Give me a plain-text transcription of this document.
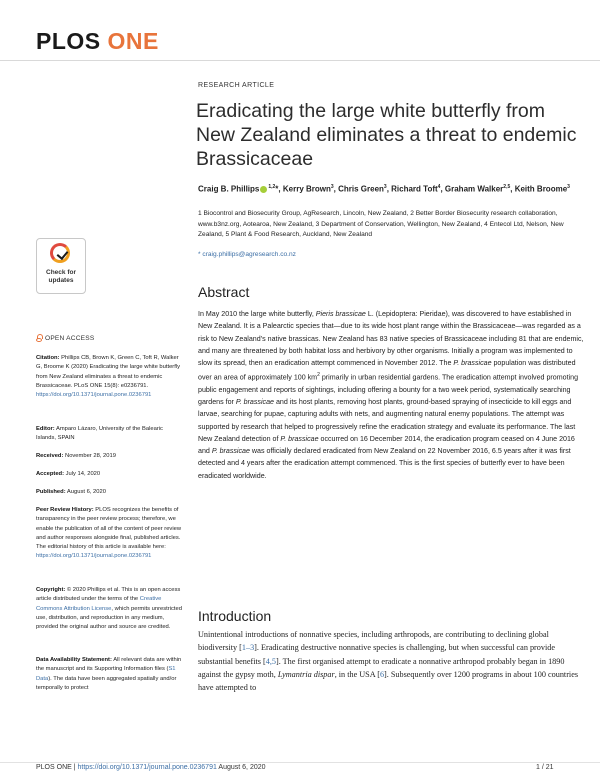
PLOS ONE
Check for updates
OPEN ACCESS
Citation: Phillips CB, Brown K, Green C, Toft R, Walker G, Broome K (2020) Eradicating the large white butterfly from New Zealand eliminates a threat to endemic Brassicaceae. PLoS ONE 15(8): e0236791. https://doi.org/10.1371/journal.pone.0236791
Editor: Amparo Lázaro, University of the Balearic Islands, SPAIN
Received: November 28, 2019
Accepted: July 14, 2020
Published: August 6, 2020
Peer Review History: PLOS recognizes the benefits of transparency in the peer review process; therefore, we enable the publication of all of the content of peer review and author responses alongside final, published articles. The editorial history of this article is available here: https://doi.org/10.1371/journal.pone.0236791
Copyright: © 2020 Phillips et al. This is an open access article distributed under the terms of the Creative Commons Attribution License, which permits unrestricted use, distribution, and reproduction in any medium, provided the original author and source are credited.
Data Availability Statement: All relevant data are within the manuscript and its Supporting Information files (S1 Data). The data have been aggregated spatially and/or temporally to protect
RESEARCH ARTICLE
Eradicating the large white butterfly from New Zealand eliminates a threat to endemic Brassicaceae
Craig B. Phillips $^{1,2}$*, Kerry Brown$^3$, Chris Green$^3$, Richard Toft$^4$, Graham Walker$^{2,5}$, Keith Broome$^3$
1 Biocontrol and Biosecurity Group, AgResearch, Lincoln, New Zealand, 2 Better Border Biosecurity research collaboration, www.b3nz.org, Aotearoa, New Zealand, 3 Department of Conservation, Wellington, New Zealand, 4 Entecol Ltd, Nelson, New Zealand, 5 Plant & Food Research, Auckland, New Zealand
* craig.phillips@agresearch.co.nz
Abstract
In May 2010 the large white butterfly, Pieris brassicae L. (Lepidoptera: Pieridae), was discovered to have established in New Zealand. It is a Palearctic species that—due to its wide host plant range within the Brassicaceae—was regarded as a risk to New Zealand’s native brassicas. New Zealand has 83 native species of Brassicaceae including 81 that are endemic, and many are threatened by both habitat loss and herbivory by other organisms. Initially a program was implemented to slow its spread, then an eradication attempt commenced in November 2012. The P. brassicae population was distributed over an area of approximately 100 $km^2$ primarily in urban residential gardens. The eradication attempt involved promoting public engagement and reports of sightings, including offering a bounty for a two week period, systematically searching gardens for P. brassicae and its host plants, removing host plants, ground-based spraying of insecticide to kill eggs and larvae, searching for pupae, capturing adults with nets, and augmenting natural enemy populations. The attempt was supported by research that helped to progressively refine the eradication strategy and evaluate its performance. The last New Zealand detection of P. brassicae occurred on 16 December 2014, the eradication program ceased on 4 June 2016 and P. brassicae was officially declared eradicated from New Zealand on 22 November 2016, 6.5 years after it was first detected and 4 years after the eradication attempt commenced. This is the first species of butterfly ever to have been eradicated worldwide.
Introduction
Unintentional introductions of nonnative species, including arthropods, are contributing to declining global biodiversity [1–3]. Eradicating destructive nonnative species is challenging, but when successful can provide substantial benefits [4,5]. The first organised attempt to eradicate a nonnative arthropod probably began in 1890 against the gypsy moth, Lymantria dispar, in the USA [6]. Subsequently over 1200 programs in about 100 countries have attempted to
PLOS ONE | https://doi.org/10.1371/journal.pone.0236791 August 6, 2020	1 / 21
